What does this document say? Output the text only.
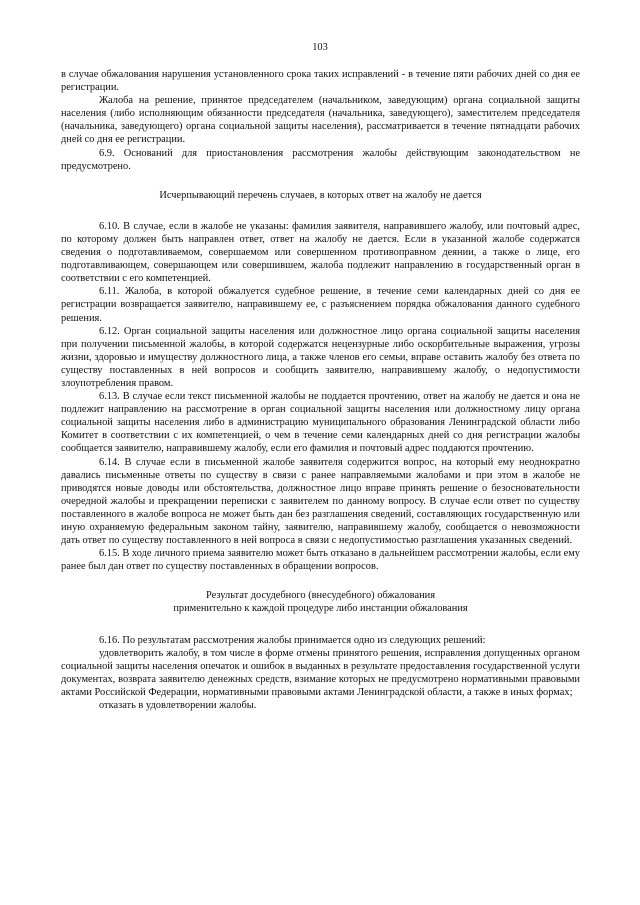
103

в случае обжалования нарушения установленного срока таких исправлений - в течение пяти рабочих дней со дня ее регистрации.

Жалоба на решение, принятое председателем (начальником, заведующим) органа социальной защиты населения (либо исполняющим обязанности председателя (начальника, заведующего), заместителем председателя (начальника, заведующего) органа социальной защиты населения), рассматривается в течение пятнадцати рабочих дней со дня ее регистрации.

6.9. Оснований для приостановления рассмотрения жалобы действующим законодательством не предусмотрено.

Исчерпывающий перечень случаев, в которых ответ на жалобу не дается

6.10. В случае, если в жалобе не указаны: фамилия заявителя, направившего жалобу, или почтовый адрес, по которому должен быть направлен ответ, ответ на жалобу не дается. Если в указанной жалобе содержатся сведения о подготавливаемом, совершаемом или совершенном противоправном деянии, а также о лице, его подготавливающем, совершающем или совершившем, жалоба подлежит направлению в государственный орган в соответствии с его компетенцией.

6.11. Жалоба, в которой обжалуется судебное решение, в течение семи календарных дней со дня ее регистрации возвращается заявителю, направившему ее, с разъяснением порядка обжалования данного судебного решения.

6.12. Орган социальной защиты населения или должностное лицо органа социальной защиты населения при получении письменной жалобы, в которой содержатся нецензурные либо оскорбительные выражения, угрозы жизни, здоровью и имуществу должностного лица, а также членов его семьи, вправе оставить жалобу без ответа по существу поставленных в ней вопросов и сообщить заявителю, направившему жалобу, о недопустимости злоупотребления правом.

6.13. В случае если текст письменной жалобы не поддается прочтению, ответ на жалобу не дается и она не подлежит направлению на рассмотрение в орган социальной защиты населения или должностному лицу органа социальной защиты населения либо в администрацию муниципального образования Ленинградской области либо Комитет в соответствии с их компетенцией, о чем в течение семи календарных дней со дня регистрации жалобы сообщается заявителю, направившему жалобу, если его фамилия и почтовый адрес поддаются прочтению.

6.14. В случае если в письменной жалобе заявителя содержится вопрос, на который ему неоднократно давались письменные ответы по существу в связи с ранее направляемыми жалобами и при этом в жалобе не приводятся новые доводы или обстоятельства, должностное лицо вправе принять решение о безосновательности очередной жалобы и прекращении переписки с заявителем по данному вопросу. В случае если ответ по существу поставленного в жалобе вопроса не может быть дан без разглашения сведений, составляющих государственную или иную охраняемую федеральным законом тайну, заявителю, направившему жалобу, сообщается о невозможности дать ответ по существу поставленного в ней вопроса в связи с недопустимостью разглашения указанных сведений.

6.15. В ходе личного приема заявителю может быть отказано в дальнейшем рассмотрении жалобы, если ему ранее был дан ответ по существу поставленных в обращении вопросов.

Результат досудебного (внесудебного) обжалования
применительно к каждой процедуре либо инстанции обжалования

6.16. По результатам рассмотрения жалобы принимается одно из следующих решений:

удовлетворить жалобу, в том числе в форме отмены принятого решения, исправления допущенных органом социальной защиты населения опечаток и ошибок в выданных в результате предоставления государственной услуги документах, возврата заявителю денежных средств, взимание которых не предусмотрено нормативными правовыми актами Российской Федерации, нормативными правовыми актами Ленинградской области, а также в иных формах;

отказать в удовлетворении жалобы.
